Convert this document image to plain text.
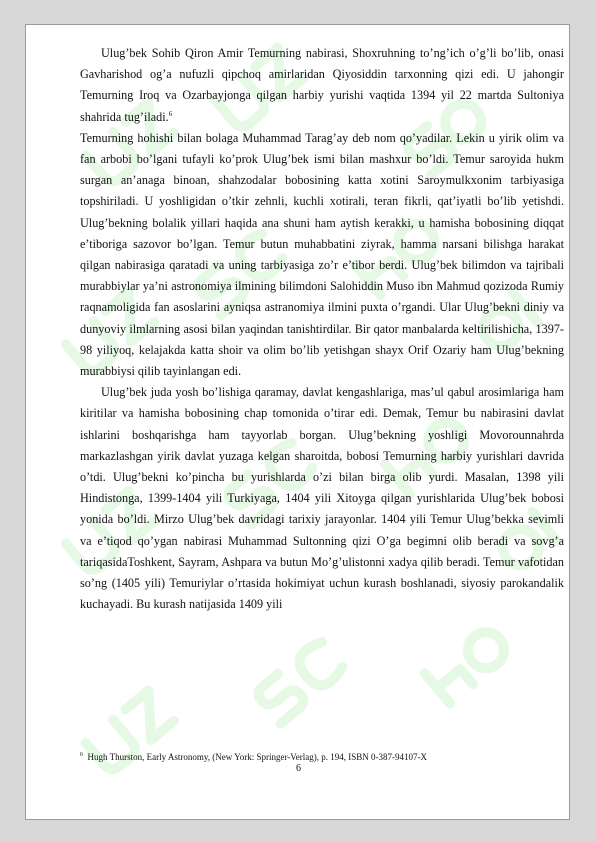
Ulug’bek Sohib Qiron Amir Temurning nabirasi, Shoxruhning to’ng’ich o’g’li bo’lib, onasi Gavharishod og’a nufuzli qipchoq amirlaridan Qiyosiddin tarxonning qizi edi. U jahongir Temurning Iroq va Ozarbayjonga qilgan harbiy yurishi vaqtida 1394 yil 22 martda Sultoniya shahrida tug’iladi.$^6$

Temurning hohishi bilan bolaga Muhammad Tarag’ay deb nom qo’yadilar. Lekin u yirik olim va fan arbobi bo’lgani tufayli ko’prok Ulug’bek ismi bilan mashxur bo’ldi. Temur saroyida hukm surgan an’anaga binoan, shahzodalar bobosining katta xotini Saroymulkxonim tarbiyasiga topshiriladi. U yoshligidan o’tkir zehnli, kuchli xotirali, teran fikrli, qat’iyatli bo’lib yetishdi. Ulug’bekning bolalik yillari haqida ana shuni ham aytish kerakki, u hamisha bobosining diqqat e’tiboriga sazovor bo’lgan. Temur butun muhabbatini ziyrak, hamma narsani bilishga harakat qilgan nabirasiga qaratadi va uning tarbiyasiga zo’r e’tibor berdi. Ulug’bek bilimdon va tajribali murabbiylar ya’ni astronomiya ilmining bilimdoni Salohiddin Muso ibn Mahmud qozizoda Rumiy raqnamoligida fan asoslarini ayniqsa astranomiya ilmini puxta o’rgandi. Ular Ulug’bekni diniy va dunyoviy ilmlarning asosi bilan yaqindan tanishtirdilar. Bir qator manbalarda keltirilishicha, 1397-98 yiliyoq, kelajakda katta shoir va olim bo’lib yetishgan shayx Orif Ozariy ham Ulug’bekning murabbiysi qilib tayinlangan edi.

Ulug’bek juda yosh bo’lishiga qaramay, davlat kengashlariga, mas’ul qabul arosimlariga ham kiritilar va hamisha bobosining chap tomonida o’tirar edi. Demak, Temur bu nabirasini davlat ishlarini boshqarishga ham tayyorlab borgan. Ulug’bekning yoshligi Movorounnahrda markazlashgan yirik davlat yuzaga kelgan sharoitda, bobosi Temurning harbiy yurishlari davrida o’tdi. Ulug’bekni ko’pincha bu yurishlarda o’zi bilan birga olib yurdi. Masalan, 1398 yili Hindistonga, 1399-1404 yili Turkiyaga, 1404 yili Xitoyga qilgan yurishlarida Ulug’bek bobosi yonida bo’ldi. Mirzo Ulug’bek davridagi tarixiy jarayonlar. 1404 yili Temur Ulug’bekka sevimli va e’tiqod qo’ygan nabirasi Muhammad Sultonning qizi O’ga begimni olib beradi va sovg’a tariqasidaToshkent, Sayram, Ashpara va butun Mo’g’ulistonni xadya qilib beradi. Temur vafotidan so’ng (1405 yili) Temuriylar o’rtasida hokimiyat uchun kurash boshlanadi, siyosiy parokandalik kuchayadi. Bu kurash natijasida 1409 yili

$^6$ Hugh Thurston, Early Astronomy, (New York: Springer-Verlag), p. 194, ISBN 0-387-94107-X
6
